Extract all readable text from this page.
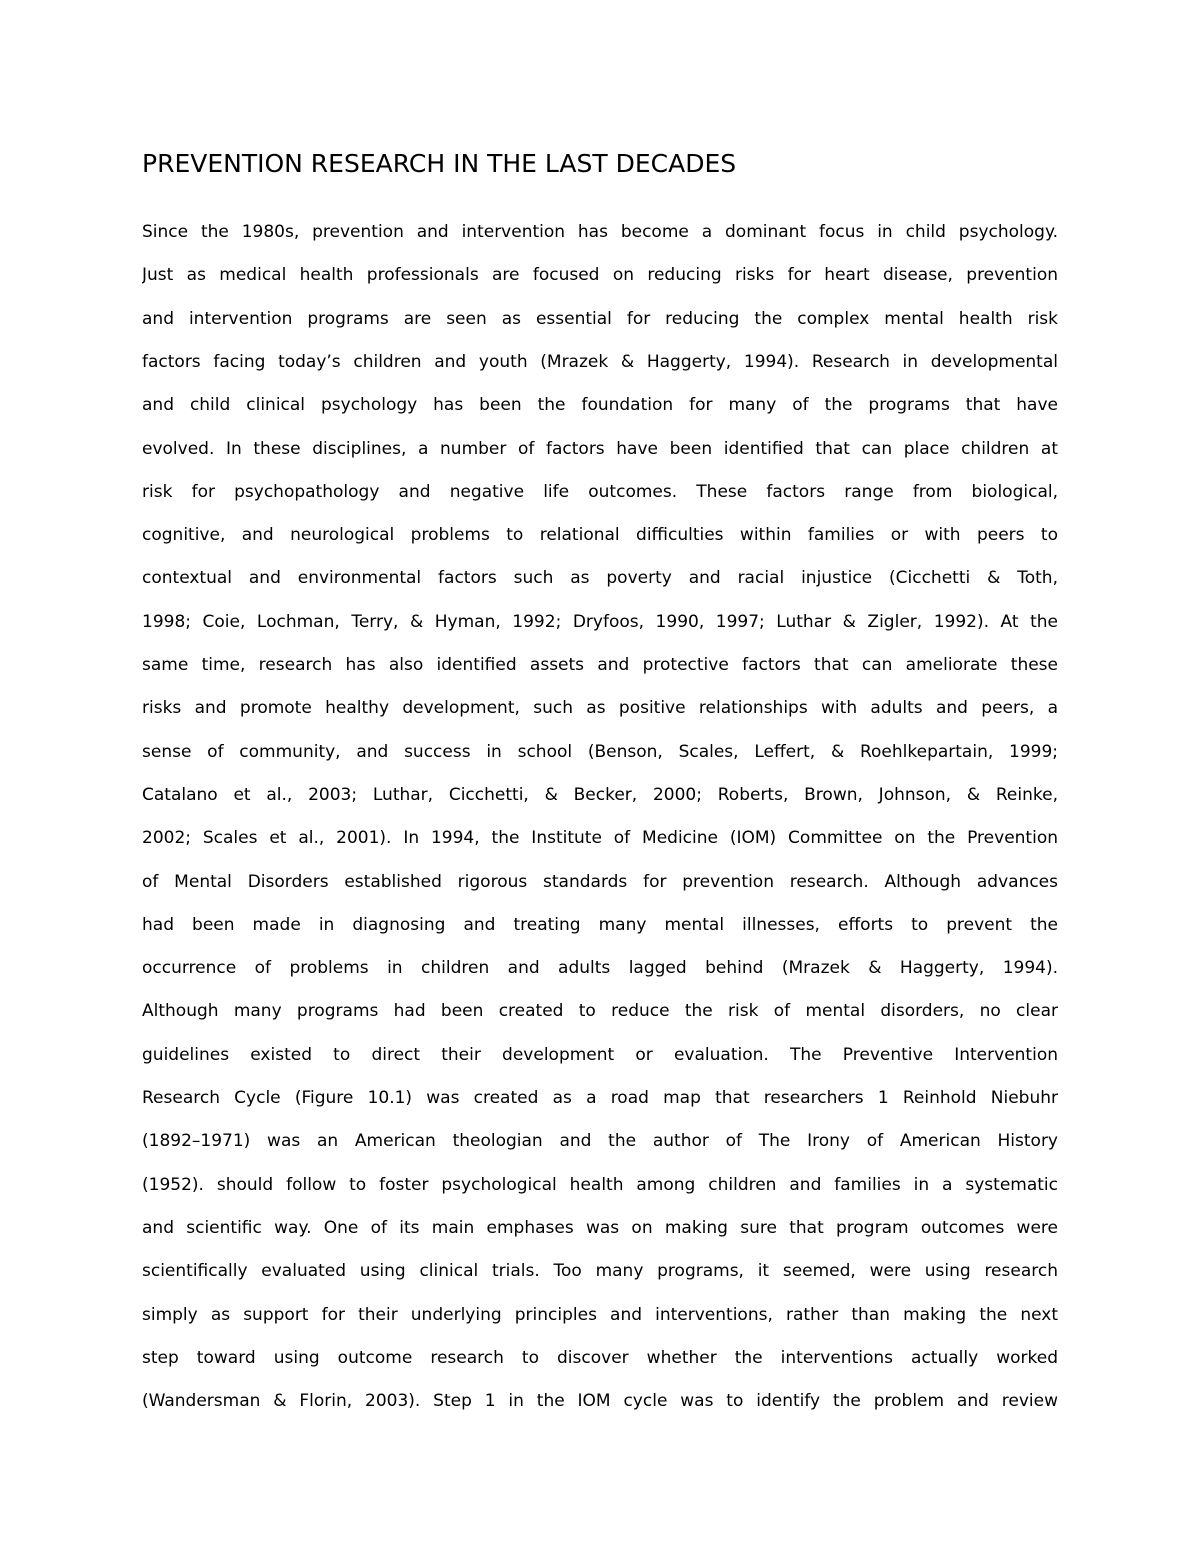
PREVENTION RESEARCH IN THE LAST DECADES
Since the 1980s, prevention and intervention has become a dominant focus in child psychology.
Just as medical health professionals are focused on reducing risks for heart disease, prevention
and intervention programs are seen as essential for reducing the complex mental health risk
factors facing today’s children and youth (Mrazek & Haggerty, 1994). Research in developmental
and child clinical psychology has been the foundation for many of the programs that have
evolved. In these disciplines, a number of factors have been identified that can place children at
risk for psychopathology and negative life outcomes. These factors range from biological,
cognitive, and neurological problems to relational difficulties within families or with peers to
contextual and environmental factors such as poverty and racial injustice (Cicchetti & Toth,
1998; Coie, Lochman, Terry, & Hyman, 1992; Dryfoos, 1990, 1997; Luthar & Zigler, 1992). At the
same time, research has also identified assets and protective factors that can ameliorate these
risks and promote healthy development, such as positive relationships with adults and peers, a
sense of community, and success in school (Benson, Scales, Leffert, & Roehlkepartain, 1999;
Catalano et al., 2003; Luthar, Cicchetti, & Becker, 2000; Roberts, Brown, Johnson, & Reinke,
2002; Scales et al., 2001). In 1994, the Institute of Medicine (IOM) Committee on the Prevention
of Mental Disorders established rigorous standards for prevention research. Although advances
had been made in diagnosing and treating many mental illnesses, efforts to prevent the
occurrence of problems in children and adults lagged behind (Mrazek & Haggerty, 1994).
Although many programs had been created to reduce the risk of mental disorders, no clear
guidelines existed to direct their development or evaluation. The Preventive Intervention
Research Cycle (Figure 10.1) was created as a road map that researchers 1 Reinhold Niebuhr
(1892–1971) was an American theologian and the author of The Irony of American History
(1952). should follow to foster psychological health among children and families in a systematic
and scientific way. One of its main emphases was on making sure that program outcomes were
scientifically evaluated using clinical trials. Too many programs, it seemed, were using research
simply as support for their underlying principles and interventions, rather than making the next
step toward using outcome research to discover whether the interventions actually worked
(Wandersman & Florin, 2003). Step 1 in the IOM cycle was to identify the problem and review
